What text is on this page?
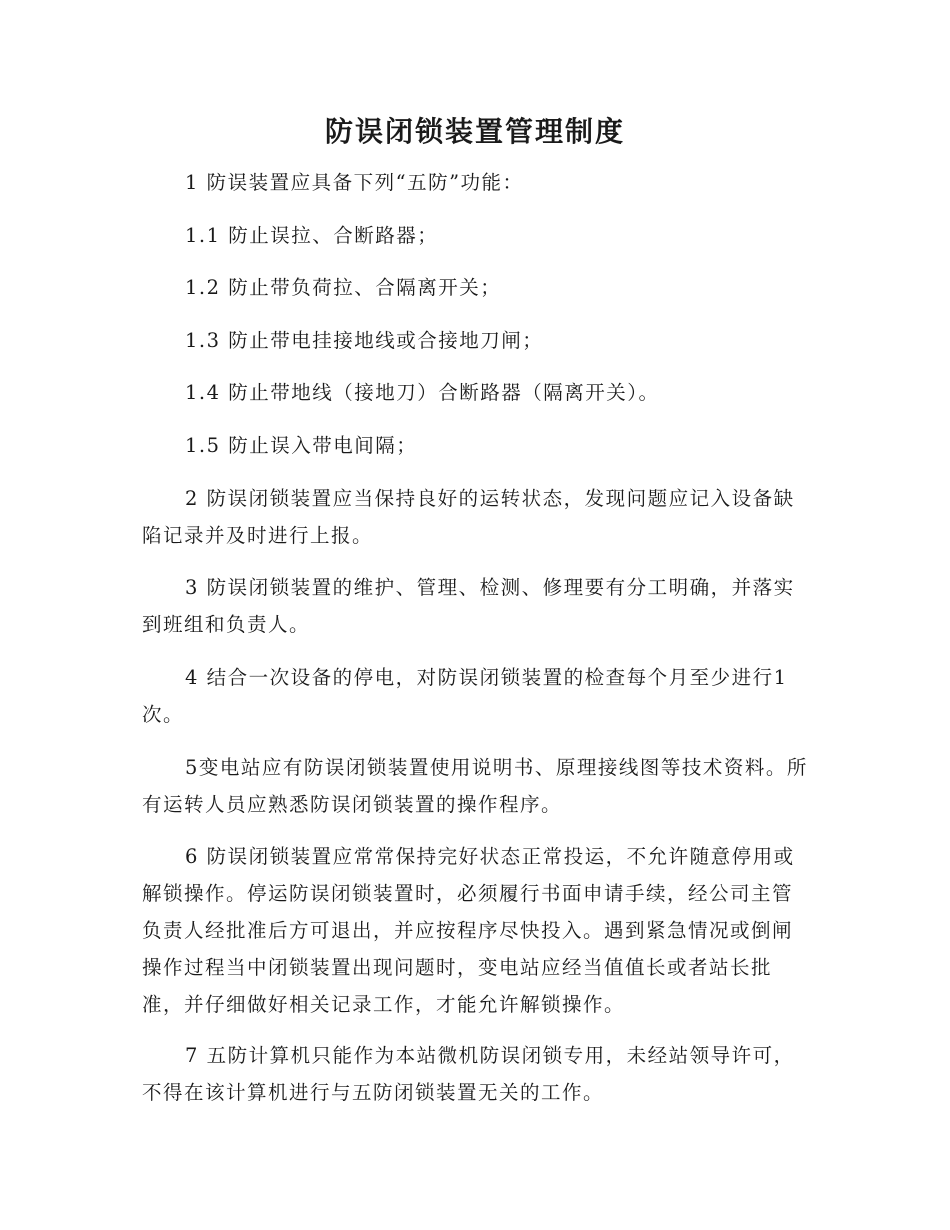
防误闭锁装置管理制度

1 防误装置应具备下列“五防”功能：

1.1 防止误拉、合断路器；

1.2 防止带负荷拉、合隔离开关；

1.3 防止带电挂接地线或合接地刀闸；

1.4 防止带地线（接地刀）合断路器（隔离开关）。

1.5 防止误入带电间隔；

2 防误闭锁装置应当保持良好的运转状态，发现问题应记入设备缺陷记录并及时进行上报。

3 防误闭锁装置的维护、管理、检测、修理要有分工明确，并落实到班组和负责人。

4 结合一次设备的停电，对防误闭锁装置的检查每个月至少进行1次。

5变电站应有防误闭锁装置使用说明书、原理接线图等技术资料。所有运转人员应熟悉防误闭锁装置的操作程序。

6 防误闭锁装置应常常保持完好状态正常投运，不允许随意停用或解锁操作。停运防误闭锁装置时，必须履行书面申请手续，经公司主管负责人经批准后方可退出，并应按程序尽快投入。遇到紧急情况或倒闸操作过程当中闭锁装置出现问题时，变电站应经当值值长或者站长批准，并仔细做好相关记录工作，才能允许解锁操作。

7 五防计算机只能作为本站微机防误闭锁专用，未经站领导许可，不得在该计算机进行与五防闭锁装置无关的工作。
